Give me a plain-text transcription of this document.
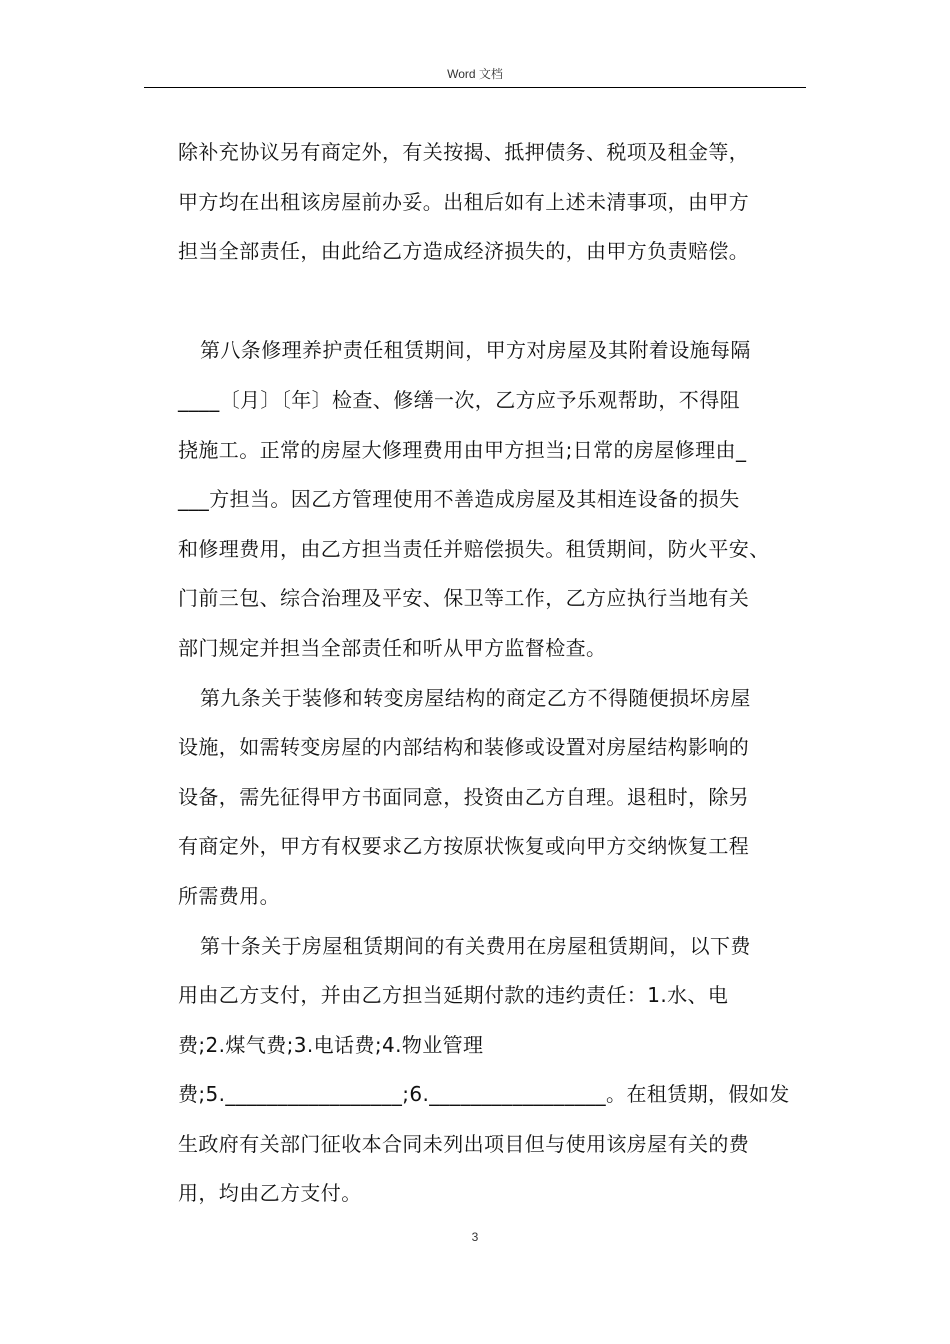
Word 文档
除补充协议另有商定外，有关按揭、抵押债务、税项及租金等，
甲方均在出租该房屋前办妥。出租后如有上述未清事项，由甲方
担当全部责任，由此给乙方造成经济损失的，由甲方负责赔偿。
第八条修理养护责任租赁期间，甲方对房屋及其附着设施每隔
____〔月〕〔年〕检查、修缮一次，乙方应予乐观帮助，不得阻
挠施工。正常的房屋大修理费用由甲方担当;日常的房屋修理由_
___方担当。因乙方管理使用不善造成房屋及其相连设备的损失
和修理费用，由乙方担当责任并赔偿损失。租赁期间，防火平安、
门前三包、综合治理及平安、保卫等工作，乙方应执行当地有关
部门规定并担当全部责任和听从甲方监督检查。
第九条关于装修和转变房屋结构的商定乙方不得随便损坏房屋
设施，如需转变房屋的内部结构和装修或设置对房屋结构影响的
设备，需先征得甲方书面同意，投资由乙方自理。退租时，除另
有商定外，甲方有权要求乙方按原状恢复或向甲方交纳恢复工程
所需费用。
第十条关于房屋租赁期间的有关费用在房屋租赁期间，以下费
用由乙方支付，并由乙方担当延期付款的违约责任：1.水、电
费;2.煤气费;3.电话费;4.物业管理
费;5._________________;6._________________。在租赁期，假如发
生政府有关部门征收本合同未列出项目但与使用该房屋有关的费
用，均由乙方支付。
3
